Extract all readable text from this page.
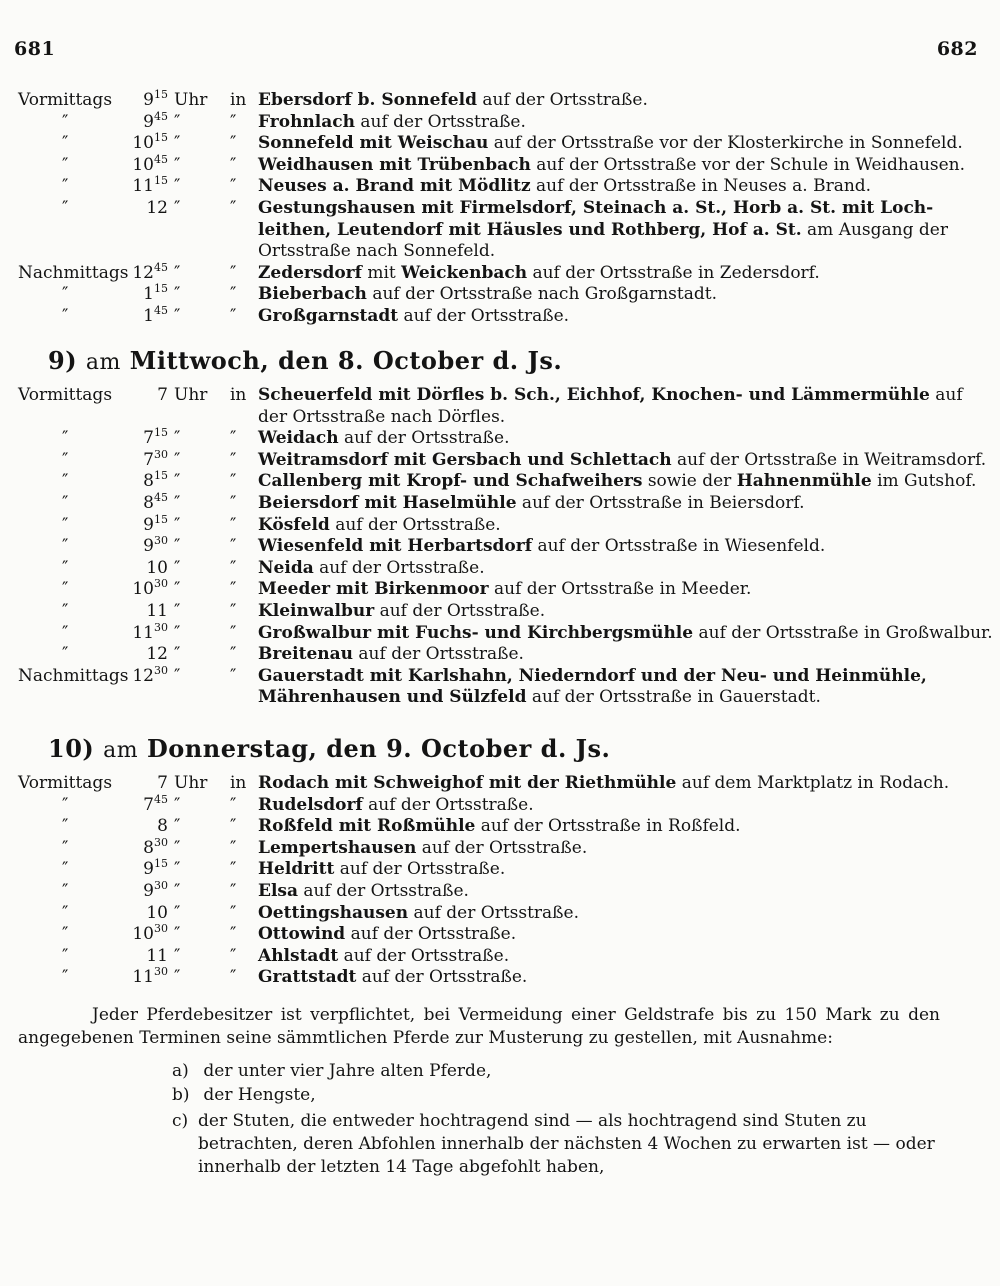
681	682
Vormittags	$9^{15}$ Uhr in Ebersdorf b. Sonnefeld auf der Ortsstraße.
″	$9^{45}$ ″	″ Frohnlach auf der Ortsstraße.
″	$10^{15}$ ″	″ Sonnefeld mit Weischau auf der Ortsstraße vor der Klosterkirche in Sonnefeld.
″	$10^{45}$ ″	″ Weidhausen mit Trübenbach auf der Ortsstraße vor der Schule in Weidhausen.
″	$11^{15}$ ″	″ Neuses a. Brand mit Mödlitz auf der Ortsstraße in Neuses a. Brand.
″	12 ″	″ Gestungshausen mit Firmelsdorf, Steinach a. St., Horb a. St. mit Loch-
leithen, Leutendorf mit Häusles und Rothberg, Hof a. St. am Ausgang der
Ortsstraße nach Sonnefeld.
Nachmittags $12^{45}$ ″	″ Zedersdorf mit Weickenbach auf der Ortsstraße in Zedersdorf.
″	$1^{15}$ ″	″ Bieberbach auf der Ortsstraße nach Großgarnstadt.
″	$1^{45}$ ″	″ Großgarnstadt auf der Ortsstraße.
9) am Mittwoch, den 8. October d. Js.
Vormittags	7 Uhr in Scheuerfeld mit Dörfles b. Sch., Eichhof, Knochen- und Lämmermühle auf
der Ortsstraße nach Dörfles.
″	$7^{15}$ ″	″ Weidach auf der Ortsstraße.
″	$7^{30}$ ″	″ Weitramsdorf mit Gersbach und Schlettach auf der Ortsstraße in Weitramsdorf.
″	$8^{15}$ ″	″ Callenberg mit Kropf- und Schafweihers sowie der Hahnenmühle im Gutshof.
″	$8^{45}$ ″	″ Beiersdorf mit Haselmühle auf der Ortsstraße in Beiersdorf.
″	$9^{15}$ ″	″ Kösfeld auf der Ortsstraße.
″	$9^{30}$ ″	″ Wiesenfeld mit Herbartsdorf auf der Ortsstraße in Wiesenfeld.
″	10 ″	″ Neida auf der Ortsstraße.
″	$10^{30}$ ″	″ Meeder mit Birkenmoor auf der Ortsstraße in Meeder.
″	11 ″	″ Kleinwalbur auf der Ortsstraße.
″	$11^{30}$ ″	″ Großwalbur mit Fuchs- und Kirchbergsmühle auf der Ortsstraße in Großwalbur.
″	12 ″	″ Breitenau auf der Ortsstraße.
Nachmittags $12^{30}$ ″	″ Gauerstadt mit Karlshahn, Niederndorf und der Neu- und Heinmühle,
Mährenhausen und Sülzfeld auf der Ortsstraße in Gauerstadt.
10) am Donnerstag, den 9. October d. Js.
Vormittags	7 Uhr in Rodach mit Schweighof mit der Riethmühle auf dem Marktplatz in Rodach.
″	$7^{45}$ ″	″ Rudelsdorf auf der Ortsstraße.
″	8 ″	″ Roßfeld mit Roßmühle auf der Ortsstraße in Roßfeld.
″	$8^{30}$ ″	″ Lempertshausen auf der Ortsstraße.
″	$9^{15}$ ″	″ Heldritt auf der Ortsstraße.
″	$9^{30}$ ″	″ Elsa auf der Ortsstraße.
″	10 ″	″ Oettingshausen auf der Ortsstraße.
″	$10^{30}$ ″	″ Ottowind auf der Ortsstraße.
″	11 ″	″ Ahlstadt auf der Ortsstraße.
″	$11^{30}$ ″	″ Grattstadt auf der Ortsstraße.
Jeder Pferdebesitzer ist verpflichtet, bei Vermeidung einer Geldstrafe bis zu 150 Mark zu den angegebenen Terminen seine sämmtlichen Pferde zur Musterung zu gestellen, mit Ausnahme:
a) der unter vier Jahre alten Pferde,
b) der Hengste,
c) der Stuten, die entweder hochtragend sind — als hochtragend sind Stuten zu betrachten, deren Abfohlen innerhalb der nächsten 4 Wochen zu erwarten ist — oder innerhalb der letzten 14 Tage abgefohlt haben,
